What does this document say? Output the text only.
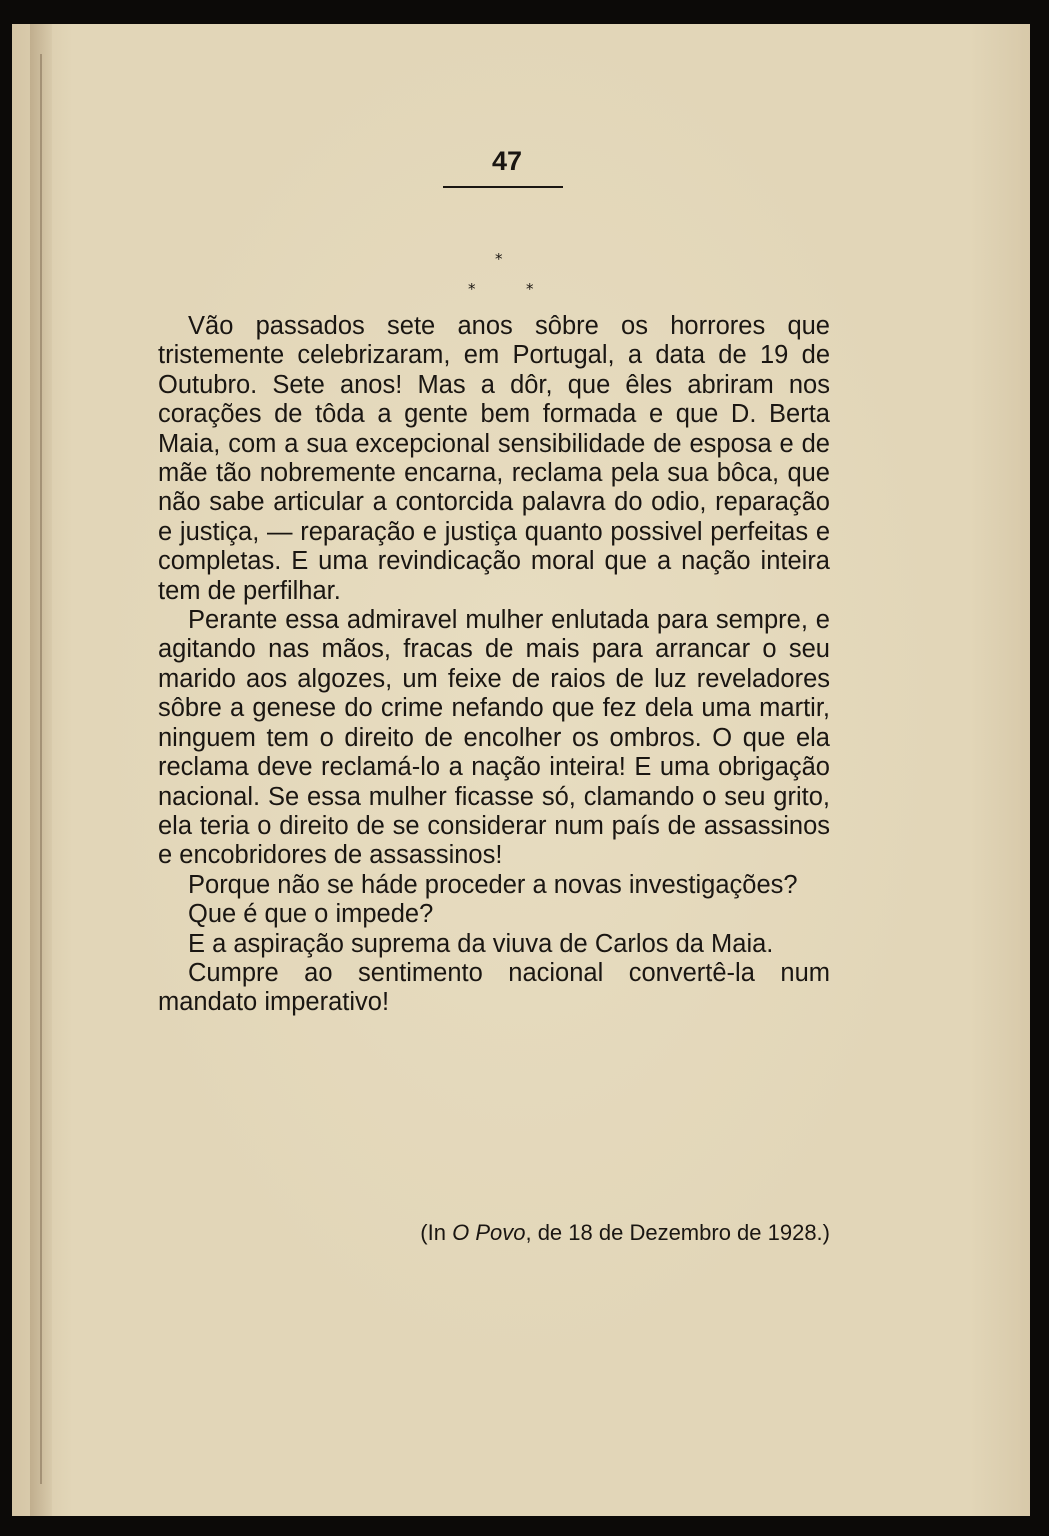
47
*
*	*

Vão passados sete anos sôbre os horrores que tristemente celebrizaram, em Portugal, a data de 19 de Outubro. Sete anos! Mas a dôr, que êles abriram nos corações de tôda a gente bem formada e que D. Berta Maia, com a sua excepcional sensibilidade de esposa e de mãe tão nobremente encarna, reclama pela sua bôca, que não sabe articular a contorcida palavra do odio, reparação e justiça, — reparação e justiça quanto possivel perfeitas e completas. E uma revindicação moral que a nação inteira tem de perfilhar.

Perante essa admiravel mulher enlutada para sempre, e agitando nas mãos, fracas de mais para arrancar o seu marido aos algozes, um feixe de raios de luz reveladores sôbre a genese do crime nefando que fez dela uma martir, ninguem tem o direito de encolher os ombros. O que ela reclama deve reclamá-lo a nação inteira! E uma obrigação nacional. Se essa mulher ficasse só, clamando o seu grito, ela teria o direito de se considerar num país de assassinos e encobridores de assassinos!

Porque não se háde proceder a novas investigações?

Que é que o impede?

E a aspiração suprema da viuva de Carlos da Maia.

Cumpre ao sentimento nacional convertê-la num mandato imperativo!

(In O Povo, de 18 de Dezembro de 1928.)
